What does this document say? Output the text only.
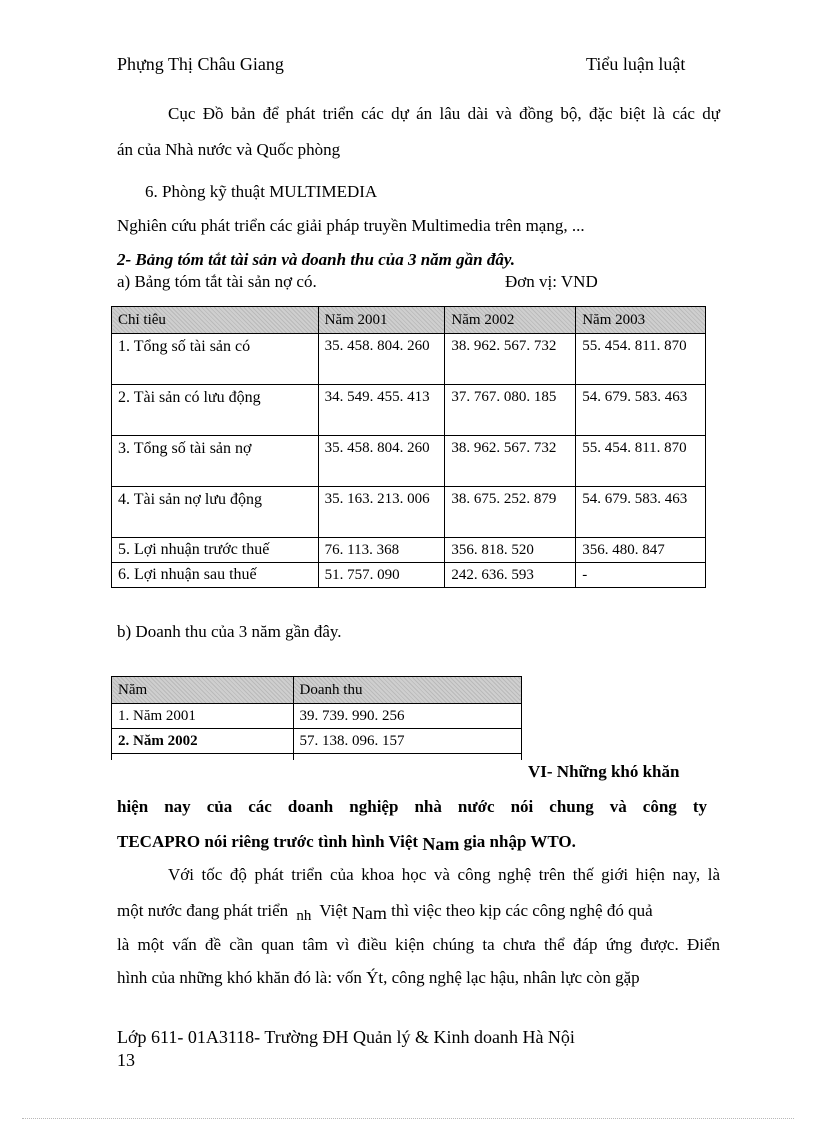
Phựng Thị Châu Giang	Tiểu luận luật
Cục Đồ bản để phát triển các dự án lâu dài và đồng bộ, đặc biệt là các dự
án của Nhà nước và Quốc phòng
6. Phòng kỹ thuật MULTIMEDIA
Nghiên cứu phát triển các giải pháp truyền Multimedia trên mạng, ...
2- Bảng tóm tắt tài sản và doanh thu của 3 năm gần đây.
a) Bảng tóm tắt tài sản nợ có.	Đơn vị: VND
Chỉ tiêu	Năm 2001	Năm 2002	Năm 2003
1. Tổng số tài sản có	35. 458. 804. 260	38. 962. 567. 732	55. 454. 811. 870
2. Tài sản có lưu động	34. 549. 455. 413	37. 767. 080. 185	54. 679. 583. 463
3. Tổng số tài sản nợ	35. 458. 804. 260	38. 962. 567. 732	55. 454. 811. 870
4. Tài sản nợ lưu động	35. 163. 213. 006	38. 675. 252. 879	54. 679. 583. 463
5. Lợi nhuận trước thuế	76. 113. 368	356. 818. 520	356. 480. 847
6. Lợi nhuận sau thuế	51. 757. 090	242. 636. 593	-
b) Doanh thu của 3 năm gần đây.
Năm	Doanh thu
1. Năm 2001	39. 739. 990. 256
2. Năm 2002	57. 138. 096. 157

VI- Những khó khăn
hiện nay của các doanh nghiệp nhà nước nói chung và công ty
TECAPRO nói riêng trước tình hình Việt Nam gia nhập WTO.
Với tốc độ phát triển của khoa học và công nghệ trên thế giới hiện nay, là
một nước đang phát triển nh Việt Nam thì việc theo kịp các công nghệ đó quả
là một vấn đề cần quan tâm vì điều kiện chúng ta chưa thể đáp ứng được. Điển
hình của những khó khăn đó là: vốn Ýt, công nghệ lạc hậu, nhân lực còn gặp
Lớp 611- 01A3118- Trường ĐH Quản lý & Kinh doanh Hà Nội
13
